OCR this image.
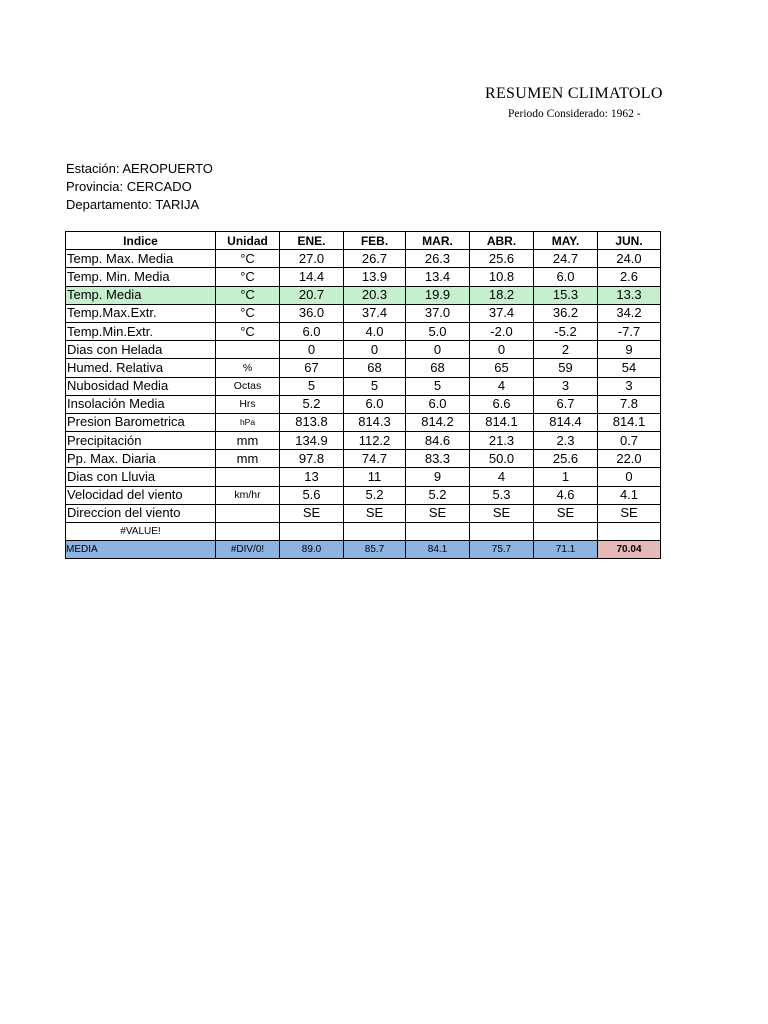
RESUMEN CLIMATOLO
Periodo Considerado: 1962 -
Estación: AEROPUERTO
Provincia: CERCADO
Departamento: TARIJA
Indice	Unidad	ENE.	FEB.	MAR.	ABR.	MAY.	JUN.
Temp. Max. Media	°C	27.0	26.7	26.3	25.6	24.7	24.0
Temp. Min. Media	°C	14.4	13.9	13.4	10.8	6.0	2.6
Temp. Media	°C	20.7	20.3	19.9	18.2	15.3	13.3
Temp.Max.Extr.	°C	36.0	37.4	37.0	37.4	36.2	34.2
Temp.Min.Extr.	°C	6.0	4.0	5.0	-2.0	-5.2	-7.7
Dias con Helada		0	0	0	0	2	9
Humed. Relativa	%	67	68	68	65	59	54
Nubosidad Media	Octas	5	5	5	4	3	3
Insolación Media	Hrs	5.2	6.0	6.0	6.6	6.7	7.8
Presion Barometrica	hPa	813.8	814.3	814.2	814.1	814.4	814.1
Precipitación	mm	134.9	112.2	84.6	21.3	2.3	0.7
Pp. Max. Diaria	mm	97.8	74.7	83.3	50.0	25.6	22.0
Dias con Lluvia		13	11	9	4	1	0
Velocidad del viento	km/hr	5.6	5.2	5.2	5.3	4.6	4.1
Direccion del viento		SE	SE	SE	SE	SE	SE
#VALUE!							
MEDIA	#DIV/0!	89.0	85.7	84.1	75.7	71.1	70.04
